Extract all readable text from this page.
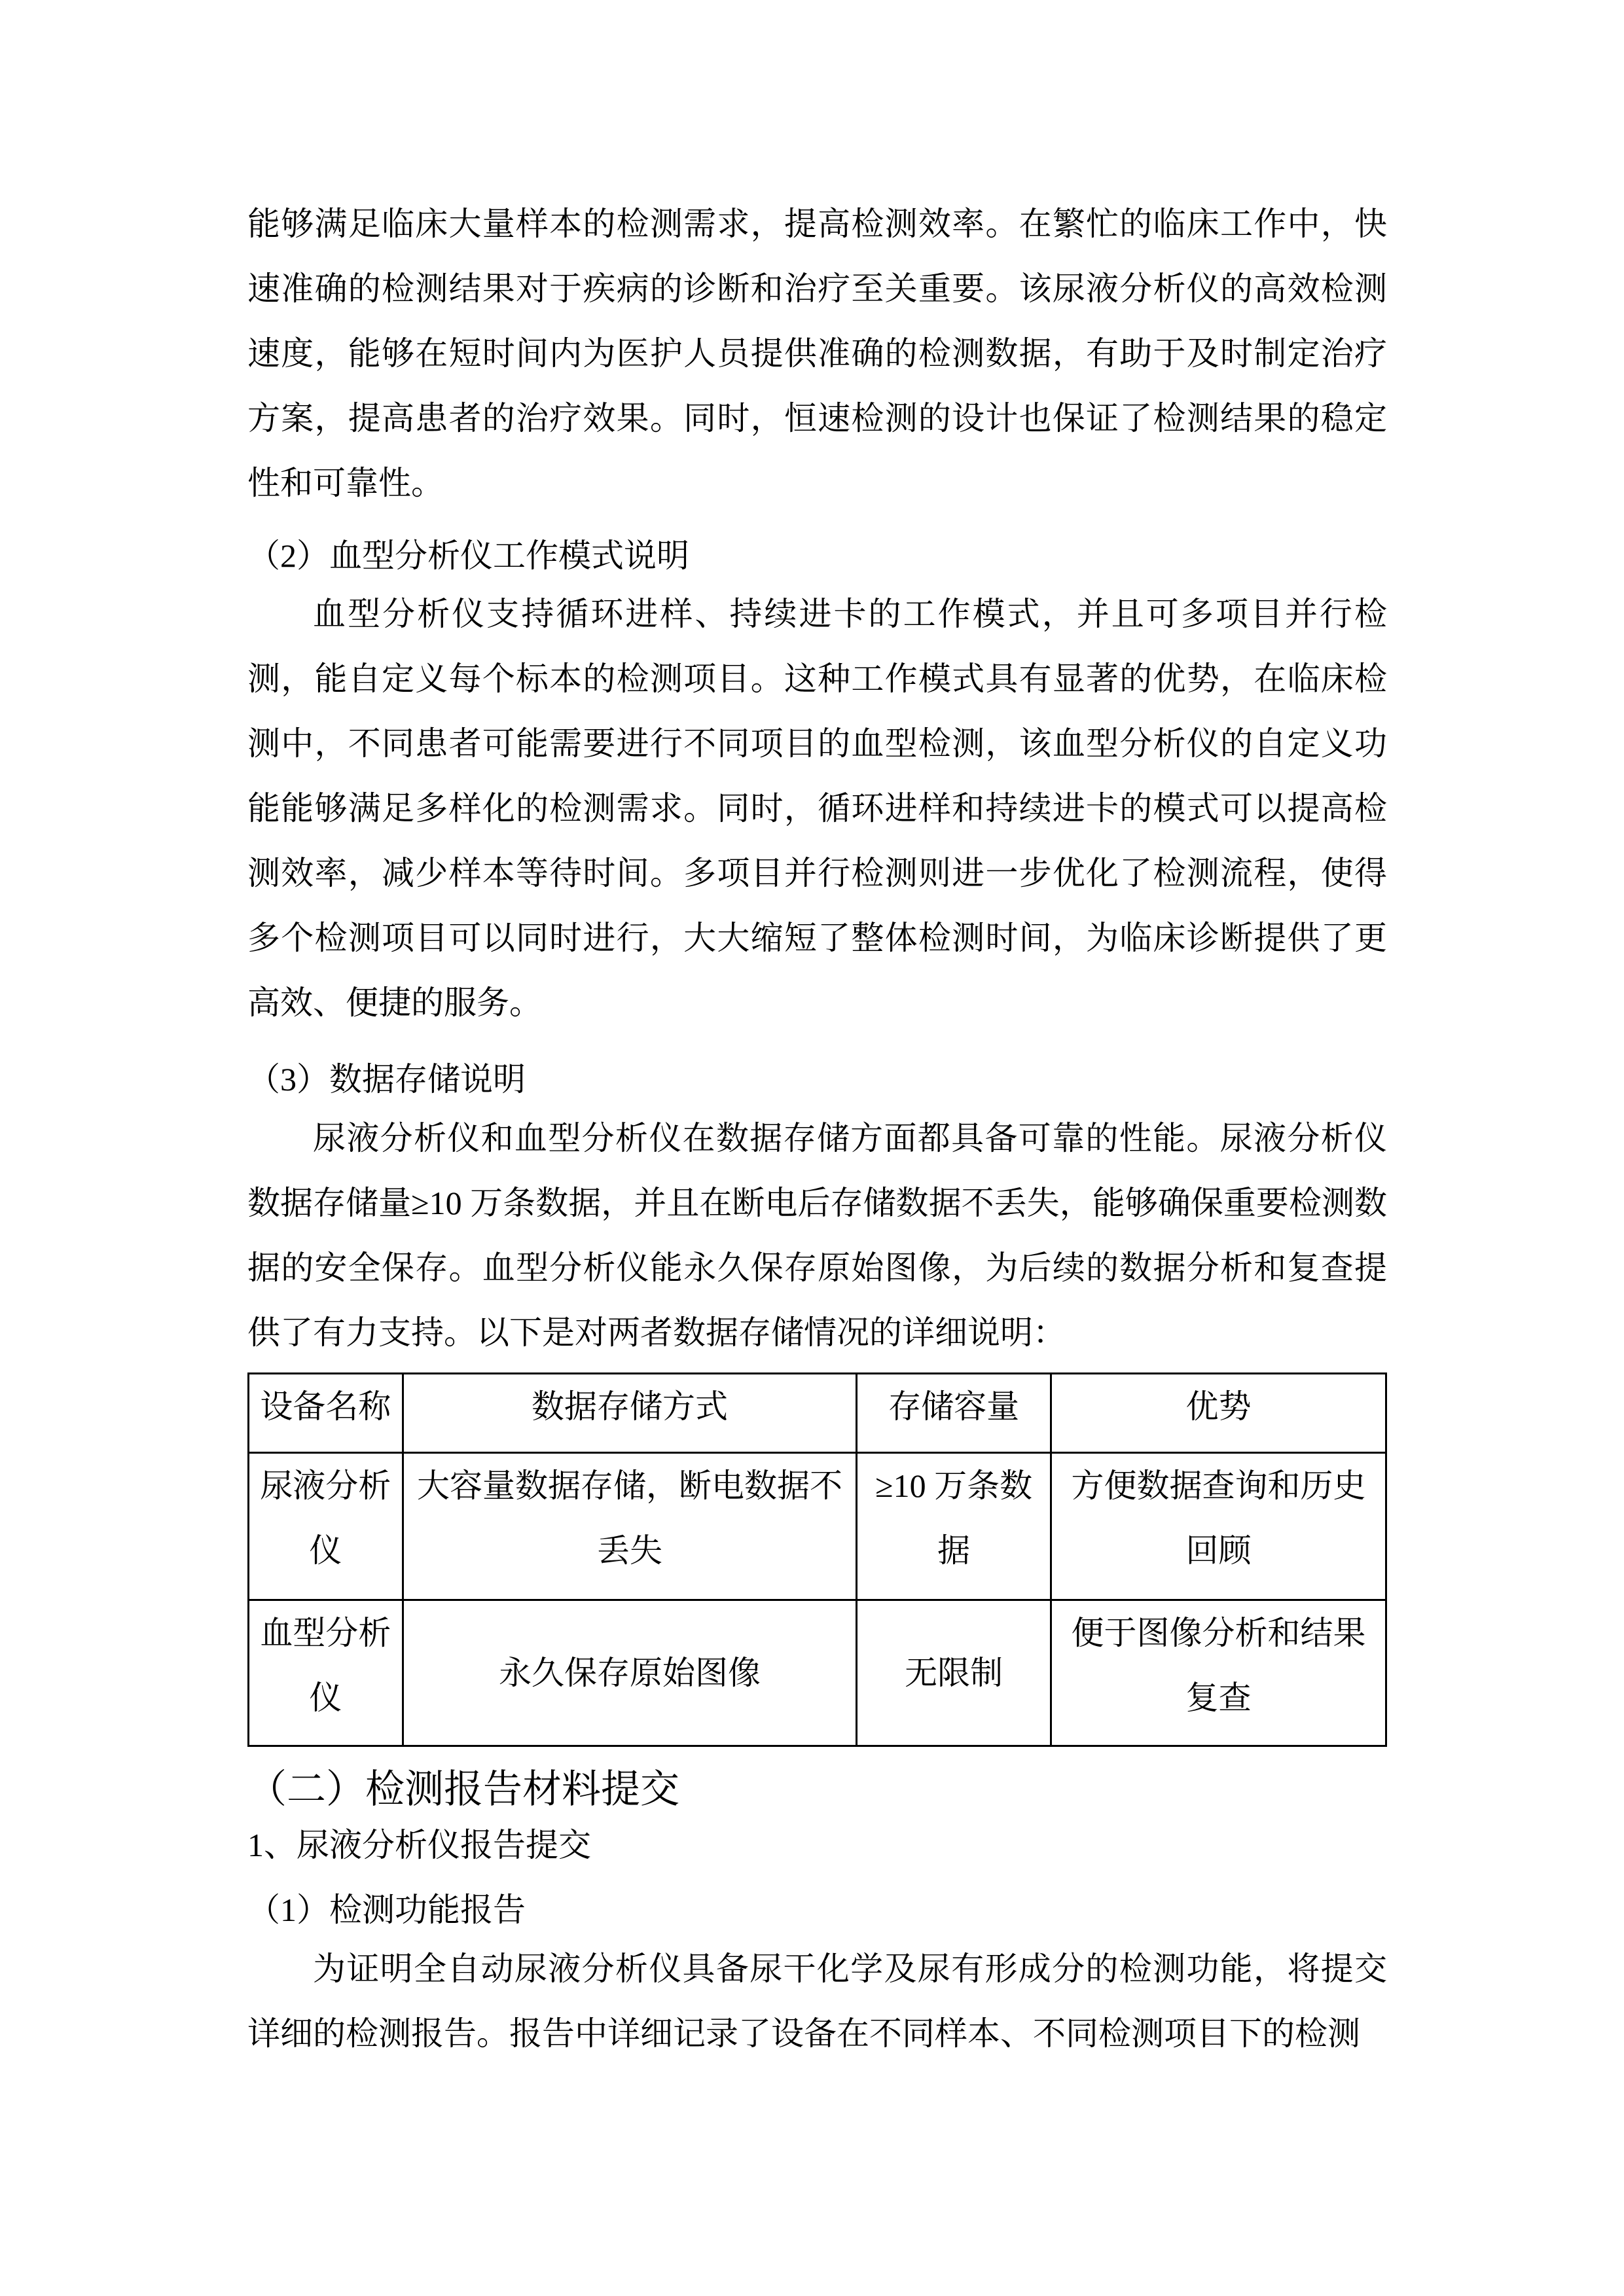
能够满足临床大量样本的检测需求，提高检测效率。在繁忙的临床工作中，快速准确的检测结果对于疾病的诊断和治疗至关重要。该尿液分析仪的高效检测速度，能够在短时间内为医护人员提供准确的检测数据，有助于及时制定治疗方案，提高患者的治疗效果。同时，恒速检测的设计也保证了检测结果的稳定性和可靠性。
（2）血型分析仪工作模式说明
血型分析仪支持循环进样、持续进卡的工作模式，并且可多项目并行检测，能自定义每个标本的检测项目。这种工作模式具有显著的优势，在临床检测中，不同患者可能需要进行不同项目的血型检测，该血型分析仪的自定义功能能够满足多样化的检测需求。同时，循环进样和持续进卡的模式可以提高检测效率，减少样本等待时间。多项目并行检测则进一步优化了检测流程，使得多个检测项目可以同时进行，大大缩短了整体检测时间，为临床诊断提供了更高效、便捷的服务。
（3）数据存储说明
尿液分析仪和血型分析仪在数据存储方面都具备可靠的性能。尿液分析仪数据存储量≥10 万条数据，并且在断电后存储数据不丢失，能够确保重要检测数据的安全保存。血型分析仪能永久保存原始图像，为后续的数据分析和复查提供了有力支持。以下是对两者数据存储情况的详细说明：
设备名称	数据存储方式	存储容量	优势
尿液分析仪	大容量数据存储，断电数据不丢失	≥10 万条数据	方便数据查询和历史回顾
血型分析仪	永久保存原始图像	无限制	便于图像分析和结果复查
（二）检测报告材料提交
1、尿液分析仪报告提交
（1）检测功能报告
为证明全自动尿液分析仪具备尿干化学及尿有形成分的检测功能，将提交详细的检测报告。报告中详细记录了设备在不同样本、不同检测项目下的检测
